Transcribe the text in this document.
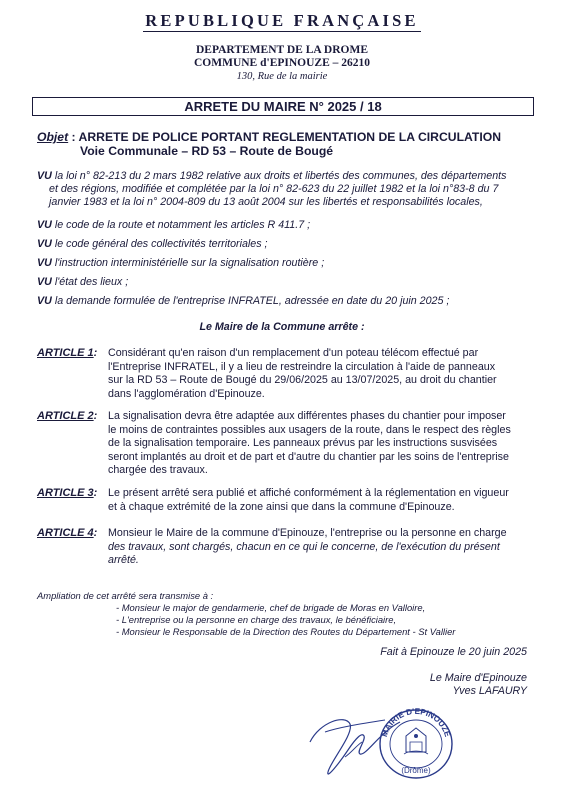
REPUBLIQUE FRANÇAISE
DEPARTEMENT DE LA DROME
COMMUNE d'EPINOUZE – 26210
130, Rue de la mairie
ARRETE DU MAIRE N° 2025 / 18
Objet : ARRETE DE POLICE PORTANT REGLEMENTATION DE LA CIRCULATION
Voie Communale – RD 53 – Route de Bougé
VU la loi n° 82-213 du 2 mars 1982 relative aux droits et libertés des communes, des départements
et des régions, modifiée et complétée par la loi n° 82-623 du 22 juillet 1982 et la loi n°83-8 du 7
janvier 1983 et la loi n° 2004-809 du 13 août 2004 sur les libertés et responsabilités locales,
VU le code de la route et notamment les articles R 411.7 ;
VU le code général des collectivités territoriales ;
VU l'instruction interministérielle sur la signalisation routière ;
VU l'état des lieux ;
VU la demande formulée de l'entreprise INFRATEL, adressée en date du 20 juin 2025 ;
Le Maire de la Commune arrête :
ARTICLE 1: Considérant qu'en raison d'un remplacement d'un poteau télécom effectué par
l'Entreprise INFRATEL, il y a lieu de restreindre la circulation à l'aide de panneaux
sur la RD 53 – Route de Bougé du 29/06/2025 au 13/07/2025, au droit du chantier
dans l'agglomération d'Epinouze.
ARTICLE 2: La signalisation devra être adaptée aux différentes phases du chantier pour imposer
le moins de contraintes possibles aux usagers de la route, dans le respect des règles
de la signalisation temporaire. Les panneaux prévus par les instructions susvisées
seront implantés au droit et de part et d'autre du chantier par les soins de l'entreprise
chargée des travaux.
ARTICLE 3: Le présent arrêté sera publié et affiché conformément à la réglementation en vigueur
et à chaque extrémité de la zone ainsi que dans la commune d'Epinouze.
ARTICLE 4: Monsieur le Maire de la commune d'Epinouze, l'entreprise ou la personne en charge
des travaux, sont chargés, chacun en ce qui le concerne, de l'exécution du présent
arrêté.
Ampliation de cet arrêté sera transmise à :
- Monsieur le major de gendarmerie, chef de brigade de Moras en Valloire,
- L'entreprise ou la personne en charge des travaux, le bénéficiaire,
- Monsieur le Responsable de la Direction des Routes du Département - St Vallier
Fait à Epinouze le 20 juin 2025
Le Maire d'Epinouze
Yves LAFAURY
MAIRIE D'EPINOUZE
(Drôme)
